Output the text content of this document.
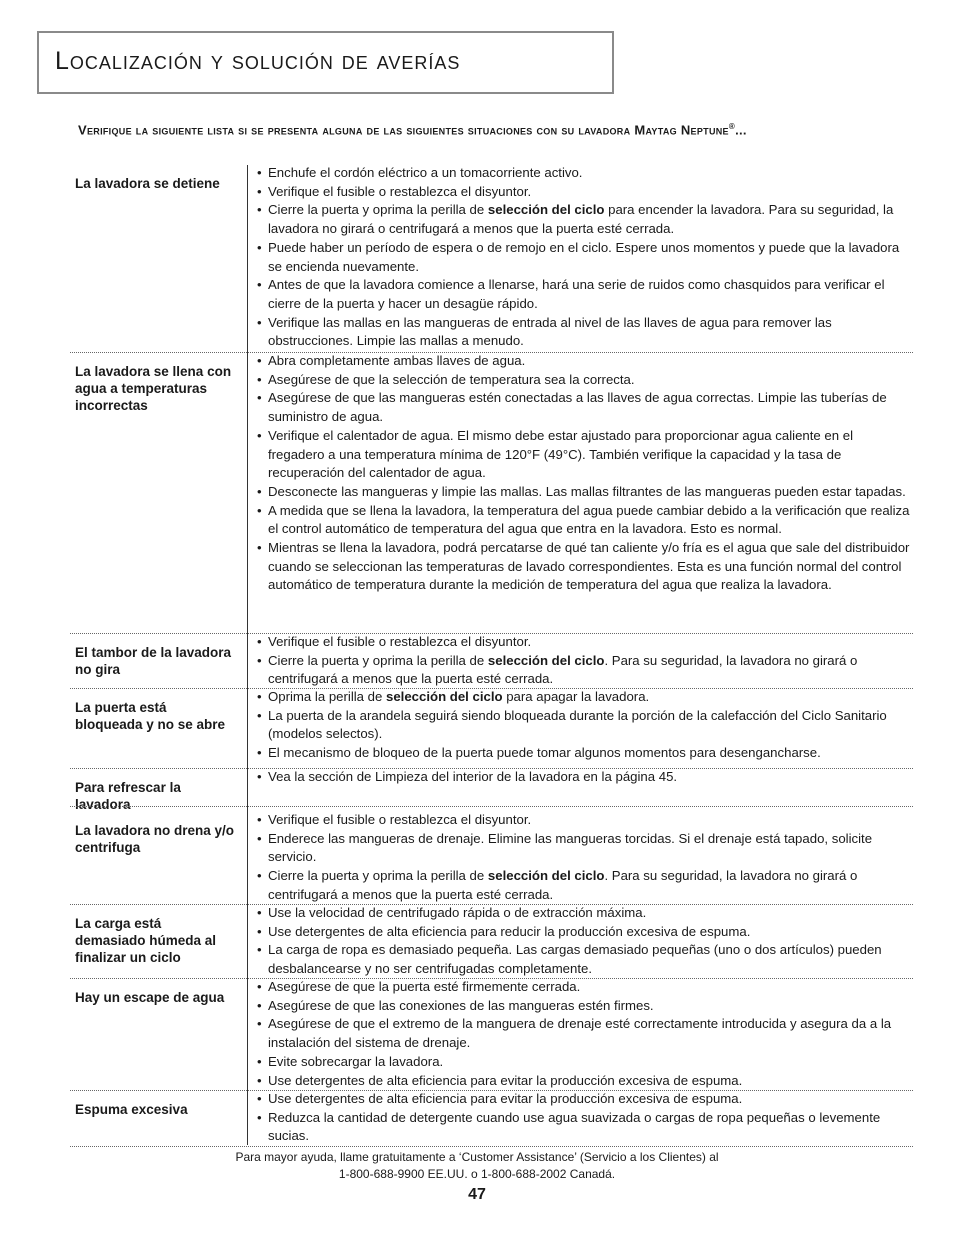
Localización y solución de averías
Verifique la siguiente lista si se presenta alguna de las siguientes situaciones con su lavadora Maytag Neptune®...
La lavadora se detiene
• Enchufe el cordón eléctrico a un tomacorriente activo.
• Verifique el fusible o restablezca el disyuntor.
• Cierre la puerta y oprima la perilla de selección del ciclo para encender la lavadora. Para su seguridad, la lavadora no girará o centrifugará a menos que la puerta esté cerrada.
• Puede haber un período de espera o de remojo en el ciclo. Espere unos momentos y puede que la lavadora se encienda nuevamente.
• Antes de que la lavadora comience a llenarse, hará una serie de ruidos como chasquidos para verificar el cierre de la puerta y hacer un desagüe rápido.
• Verifique las mallas en las mangueras de entrada al nivel de las llaves de agua para remover las obstrucciones. Limpie las mallas a menudo.
La lavadora se llena con agua a temperaturas incorrectas
• Abra completamente ambas llaves de agua.
• Asegúrese de que la selección de temperatura sea la correcta.
• Asegúrese de que las mangueras estén conectadas a las llaves de agua correctas. Limpie las tuberías de suministro de agua.
• Verifique el calentador de agua. El mismo debe estar ajustado para proporcionar agua caliente en el fregadero a una temperatura mínima de 120°F (49°C). También verifique la capacidad y la tasa de recuperación del calentador de agua.
• Desconecte las mangueras y limpie las mallas. Las mallas filtrantes de las mangueras pueden estar tapadas.
• A medida que se llena la lavadora, la temperatura del agua puede cambiar debido a la verificación que realiza el control automático de temperatura del agua que entra en la lavadora. Esto es normal.
• Mientras se llena la lavadora, podrá percatarse de qué tan caliente y/o fría es el agua que sale del distribuidor cuando se seleccionan las temperaturas de lavado correspondientes. Esta es una función normal del control automático de temperatura durante la medición de temperatura del agua que realiza la lavadora.
El tambor de la lavadora no gira
• Verifique el fusible o restablezca el disyuntor.
• Cierre la puerta y oprima la perilla de selección del ciclo. Para su seguridad, la lavadora no girará o centrifugará a menos que la puerta esté cerrada.
La puerta está bloqueada y no se abre
• Oprima la perilla de selección del ciclo para apagar la lavadora.
• La puerta de la arandela seguirá siendo bloqueada durante la porción de la calefacción del Ciclo Sanitario (modelos selectos).
• El mecanismo de bloqueo de la puerta puede tomar algunos momentos para desengancharse.
Para refrescar la lavadora
• Vea la sección de Limpieza del interior de la lavadora en la página 45.
La lavadora no drena y/o centrifuga
• Verifique el fusible o restablezca el disyuntor.
• Enderece las mangueras de drenaje. Elimine las mangueras torcidas. Si el drenaje está tapado, solicite servicio.
• Cierre la puerta y oprima la perilla de selección del ciclo. Para su seguridad, la lavadora no girará o centrifugará a menos que la puerta esté cerrada.
La carga está demasiado húmeda al finalizar un ciclo
• Use la velocidad de centrifugado rápida o de extracción máxima.
• Use detergentes de alta eficiencia para reducir la producción excesiva de espuma.
• La carga de ropa es demasiado pequeña. Las cargas demasiado pequeñas (uno o dos artículos) pueden desbalancearse y no ser centrifugadas completamente.
Hay un escape de agua
• Asegúrese de que la puerta esté firmemente cerrada.
• Asegúrese de que las conexiones de las mangueras estén firmes.
• Asegúrese de que el extremo de la manguera de drenaje esté correctamente introducida y asegura da a la instalación del sistema de drenaje.
• Evite sobrecargar la lavadora.
• Use detergentes de alta eficiencia para evitar la producción excesiva de espuma.
Espuma excesiva
• Use detergentes de alta eficiencia para evitar la producción excesiva de espuma.
• Reduzca la cantidad de detergente cuando use agua suavizada o cargas de ropa pequeñas o levemente sucias.
Para mayor ayuda, llame gratuitamente a ‘Customer Assistance’ (Servicio a los Clientes) al
1-800-688-9900 EE.UU. o 1-800-688-2002 Canadá.
47
